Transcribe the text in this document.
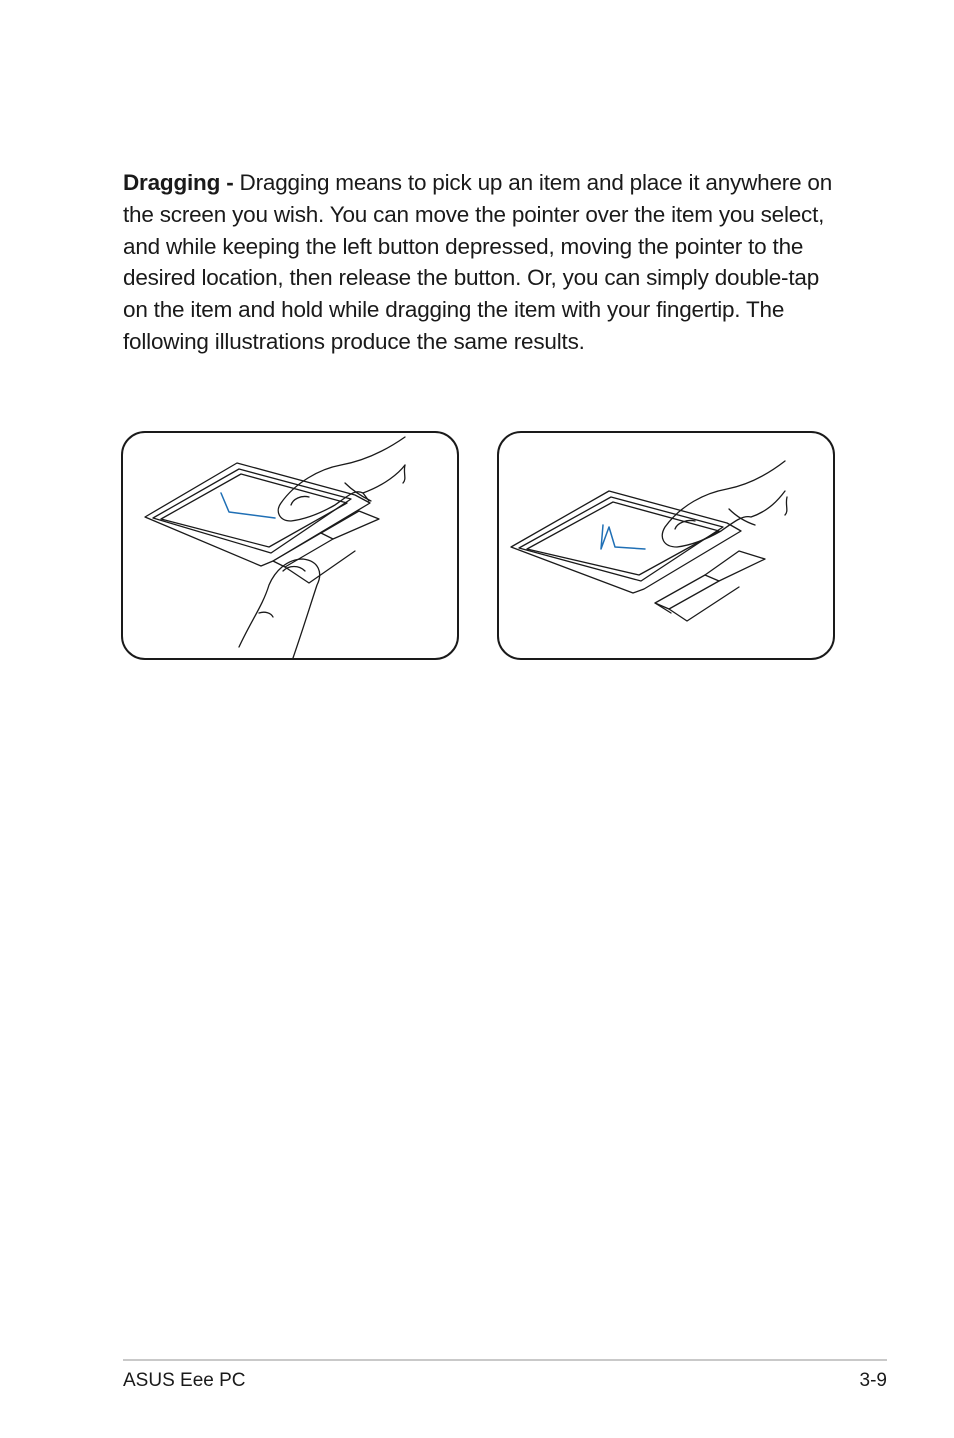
Dragging - Dragging means to pick up an item and place it anywhere on the screen you wish. You can move the pointer over the item you select, and while keeping the left button depressed, moving the pointer to the desired location, then release the button. Or, you can simply double-tap on the item and hold while dragging the item with your fingertip. The following illustrations produce the same results.
ASUS Eee PC	3-9
